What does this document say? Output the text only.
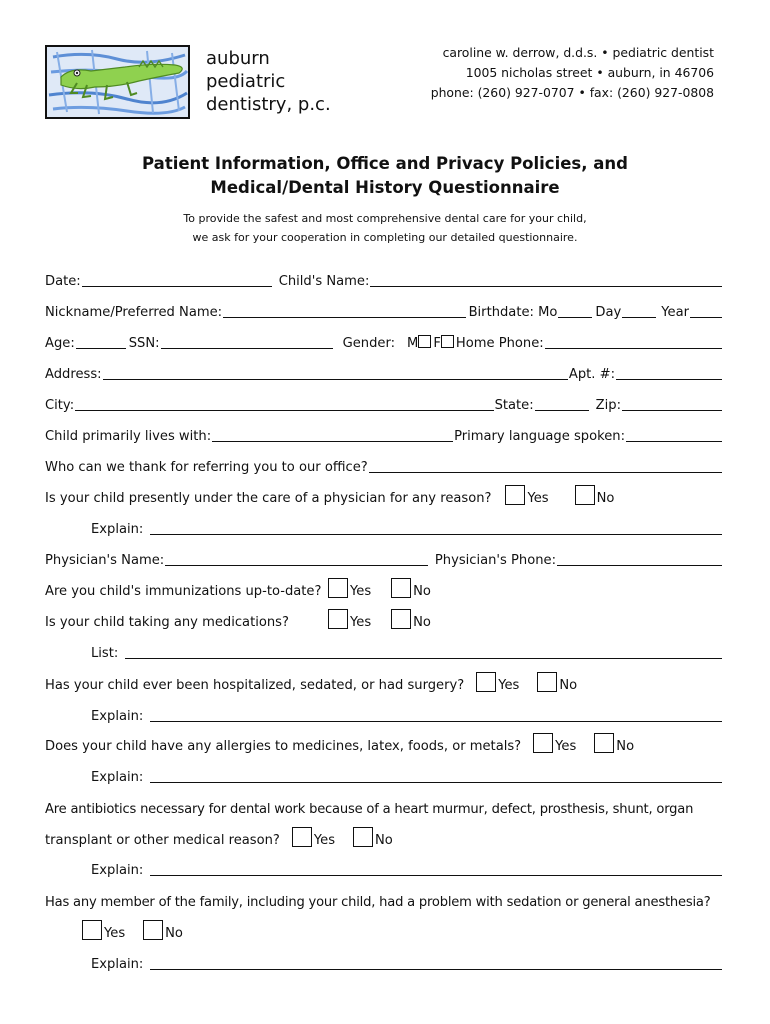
auburn
pediatric
dentistry, p.c.
caroline w. derrow, d.d.s. • pediatric dentist
1005 nicholas street • auburn, in 46706
phone: (260) 927-0707 • fax: (260) 927-0808
Patient Information, Office and Privacy Policies, and
Medical/Dental History Questionnaire
To provide the safest and most comprehensive dental care for your child,
we ask for your cooperation in completing our detailed questionnaire.
Date:	Child's Name:
Nickname/Preferred Name:	Birthdate: Mo	Day	Year
Age:	SSN:	Gender: M F Home Phone:
Address:	Apt. #:
City:	State:	Zip:
Child primarily lives with:	Primary language spoken:
Who can we thank for referring you to our office?
Is your child presently under the care of a physician for any reason?	Yes	No
Explain:
Physician's Name:	Physician's Phone:
Are you child's immunizations up-to-date?	Yes	No
Is your child taking any medications?	Yes	No
List:
Has your child ever been hospitalized, sedated, or had surgery?	Yes	No
Explain:
Does your child have any allergies to medicines, latex, foods, or metals?	Yes	No
Explain:
Are antibiotics necessary for dental work because of a heart murmur, defect, prosthesis, shunt, organ
transplant or other medical reason?	Yes	No
Explain:
Has any member of the family, including your child, had a problem with sedation or general anesthesia?
Yes	No
Explain:
